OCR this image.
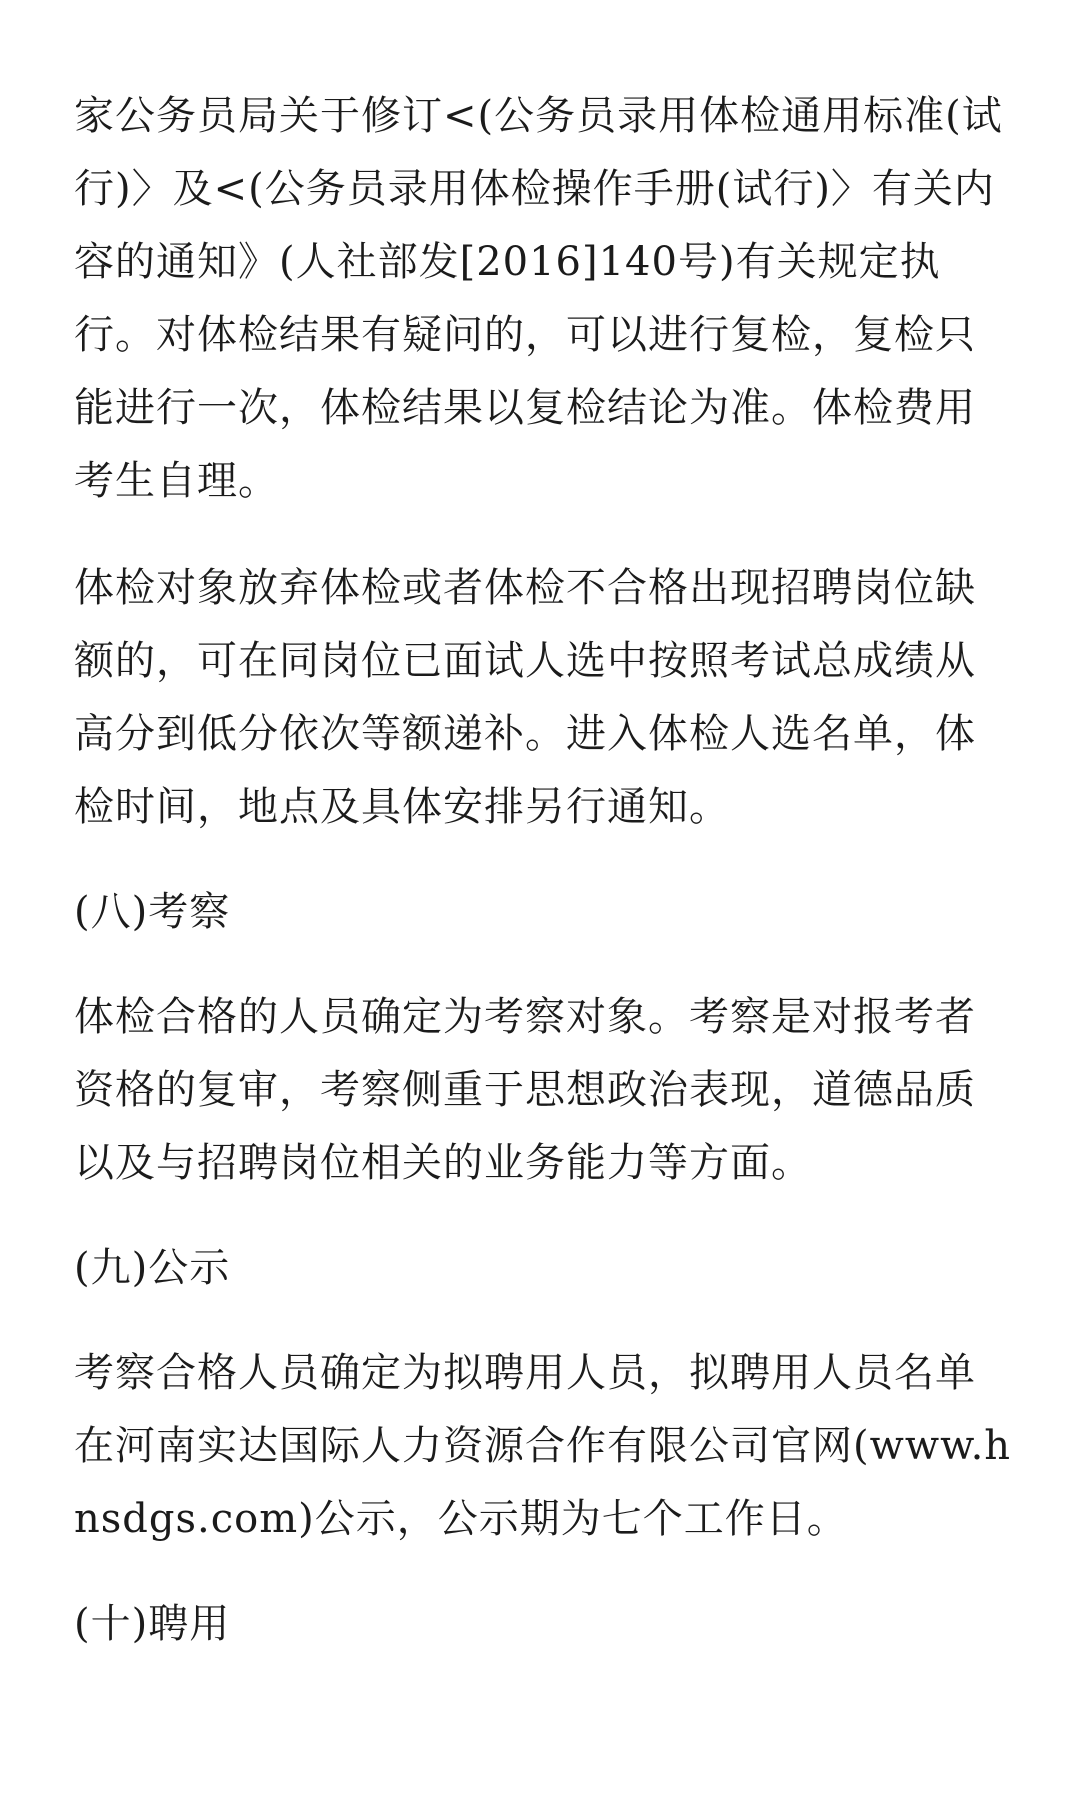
家公务员局关于修订<(公务员录用体检通用标准(试行)〉及<(公务员录用体检操作手册(试行)〉有关内容的通知》(人社部发[2016]140号)有关规定执行。对体检结果有疑问的，可以进行复检，复检只能进行一次，体检结果以复检结论为准。体检费用考生自理。

体检对象放弃体检或者体检不合格出现招聘岗位缺额的，可在同岗位已面试人选中按照考试总成绩从高分到低分依次等额递补。进入体检人选名单，体检时间，地点及具体安排另行通知。

(八)考察

体检合格的人员确定为考察对象。考察是对报考者资格的复审，考察侧重于思想政治表现，道德品质以及与招聘岗位相关的业务能力等方面。

(九)公示

考察合格人员确定为拟聘用人员，拟聘用人员名单在河南实达国际人力资源合作有限公司官网(www.hnsdgs.com)公示，公示期为七个工作日。

(十)聘用
